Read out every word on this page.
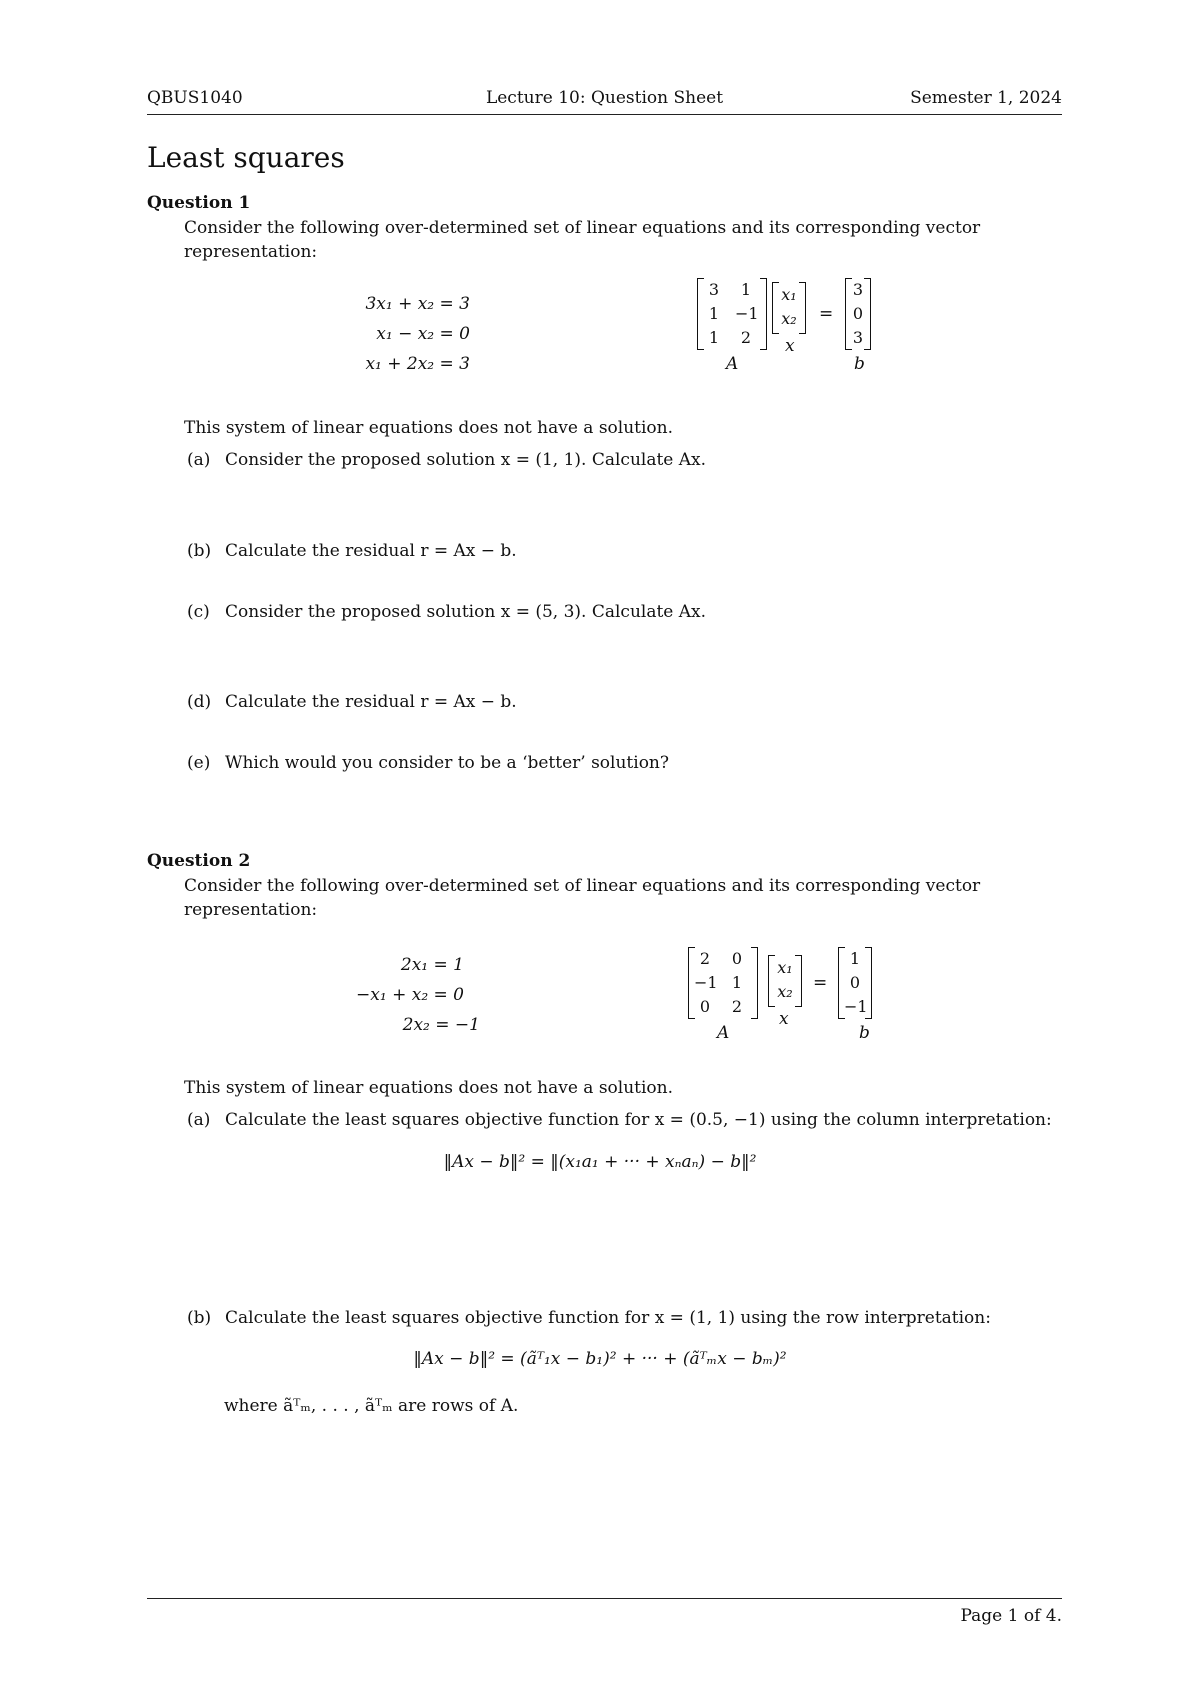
QBUS1040	Lecture 10: Question Sheet	Semester 1, 2024
Least squares
Question 1
Consider the following over-determined set of linear equations and its corresponding vector representation:
3x₁ + x₂ = 3
x₁ − x₂ = 0
x₁ + 2x₂ = 3
3	1
1 −1
1	2
x₁
x₂ =
3
0
3
A
x
b
This system of linear equations does not have a solution.
(a) Consider the proposed solution x = (1, 1). Calculate Ax.
(b) Calculate the residual r = Ax − b.
(c) Consider the proposed solution x = (5, 3). Calculate Ax.
(d) Calculate the residual r = Ax − b.
(e) Which would you consider to be a ‘better’ solution?
Question 2
Consider the following over-determined set of linear equations and its corresponding vector representation:
2x₁ = 1
−x₁ + x₂ = 0
2x₂ = −1
2	0
−1 1
0	2
x₁
x₂ =
1
0
−1
A
x
b
This system of linear equations does not have a solution.
(a) Calculate the least squares objective function for x = (0.5, −1) using the column interpretation:
‖Ax − b‖² = ‖(x₁a₁ + ··· + xₙaₙ) − b‖²
(b) Calculate the least squares objective function for x = (1, 1) using the row interpretation:
‖Ax − b‖² = (ãᵀ₁x − b₁)² + ··· + (ãᵀₘx − bₘ)²
where ãᵀₘ, . . . , ãᵀₘ are rows of A.
Page 1 of 4.
